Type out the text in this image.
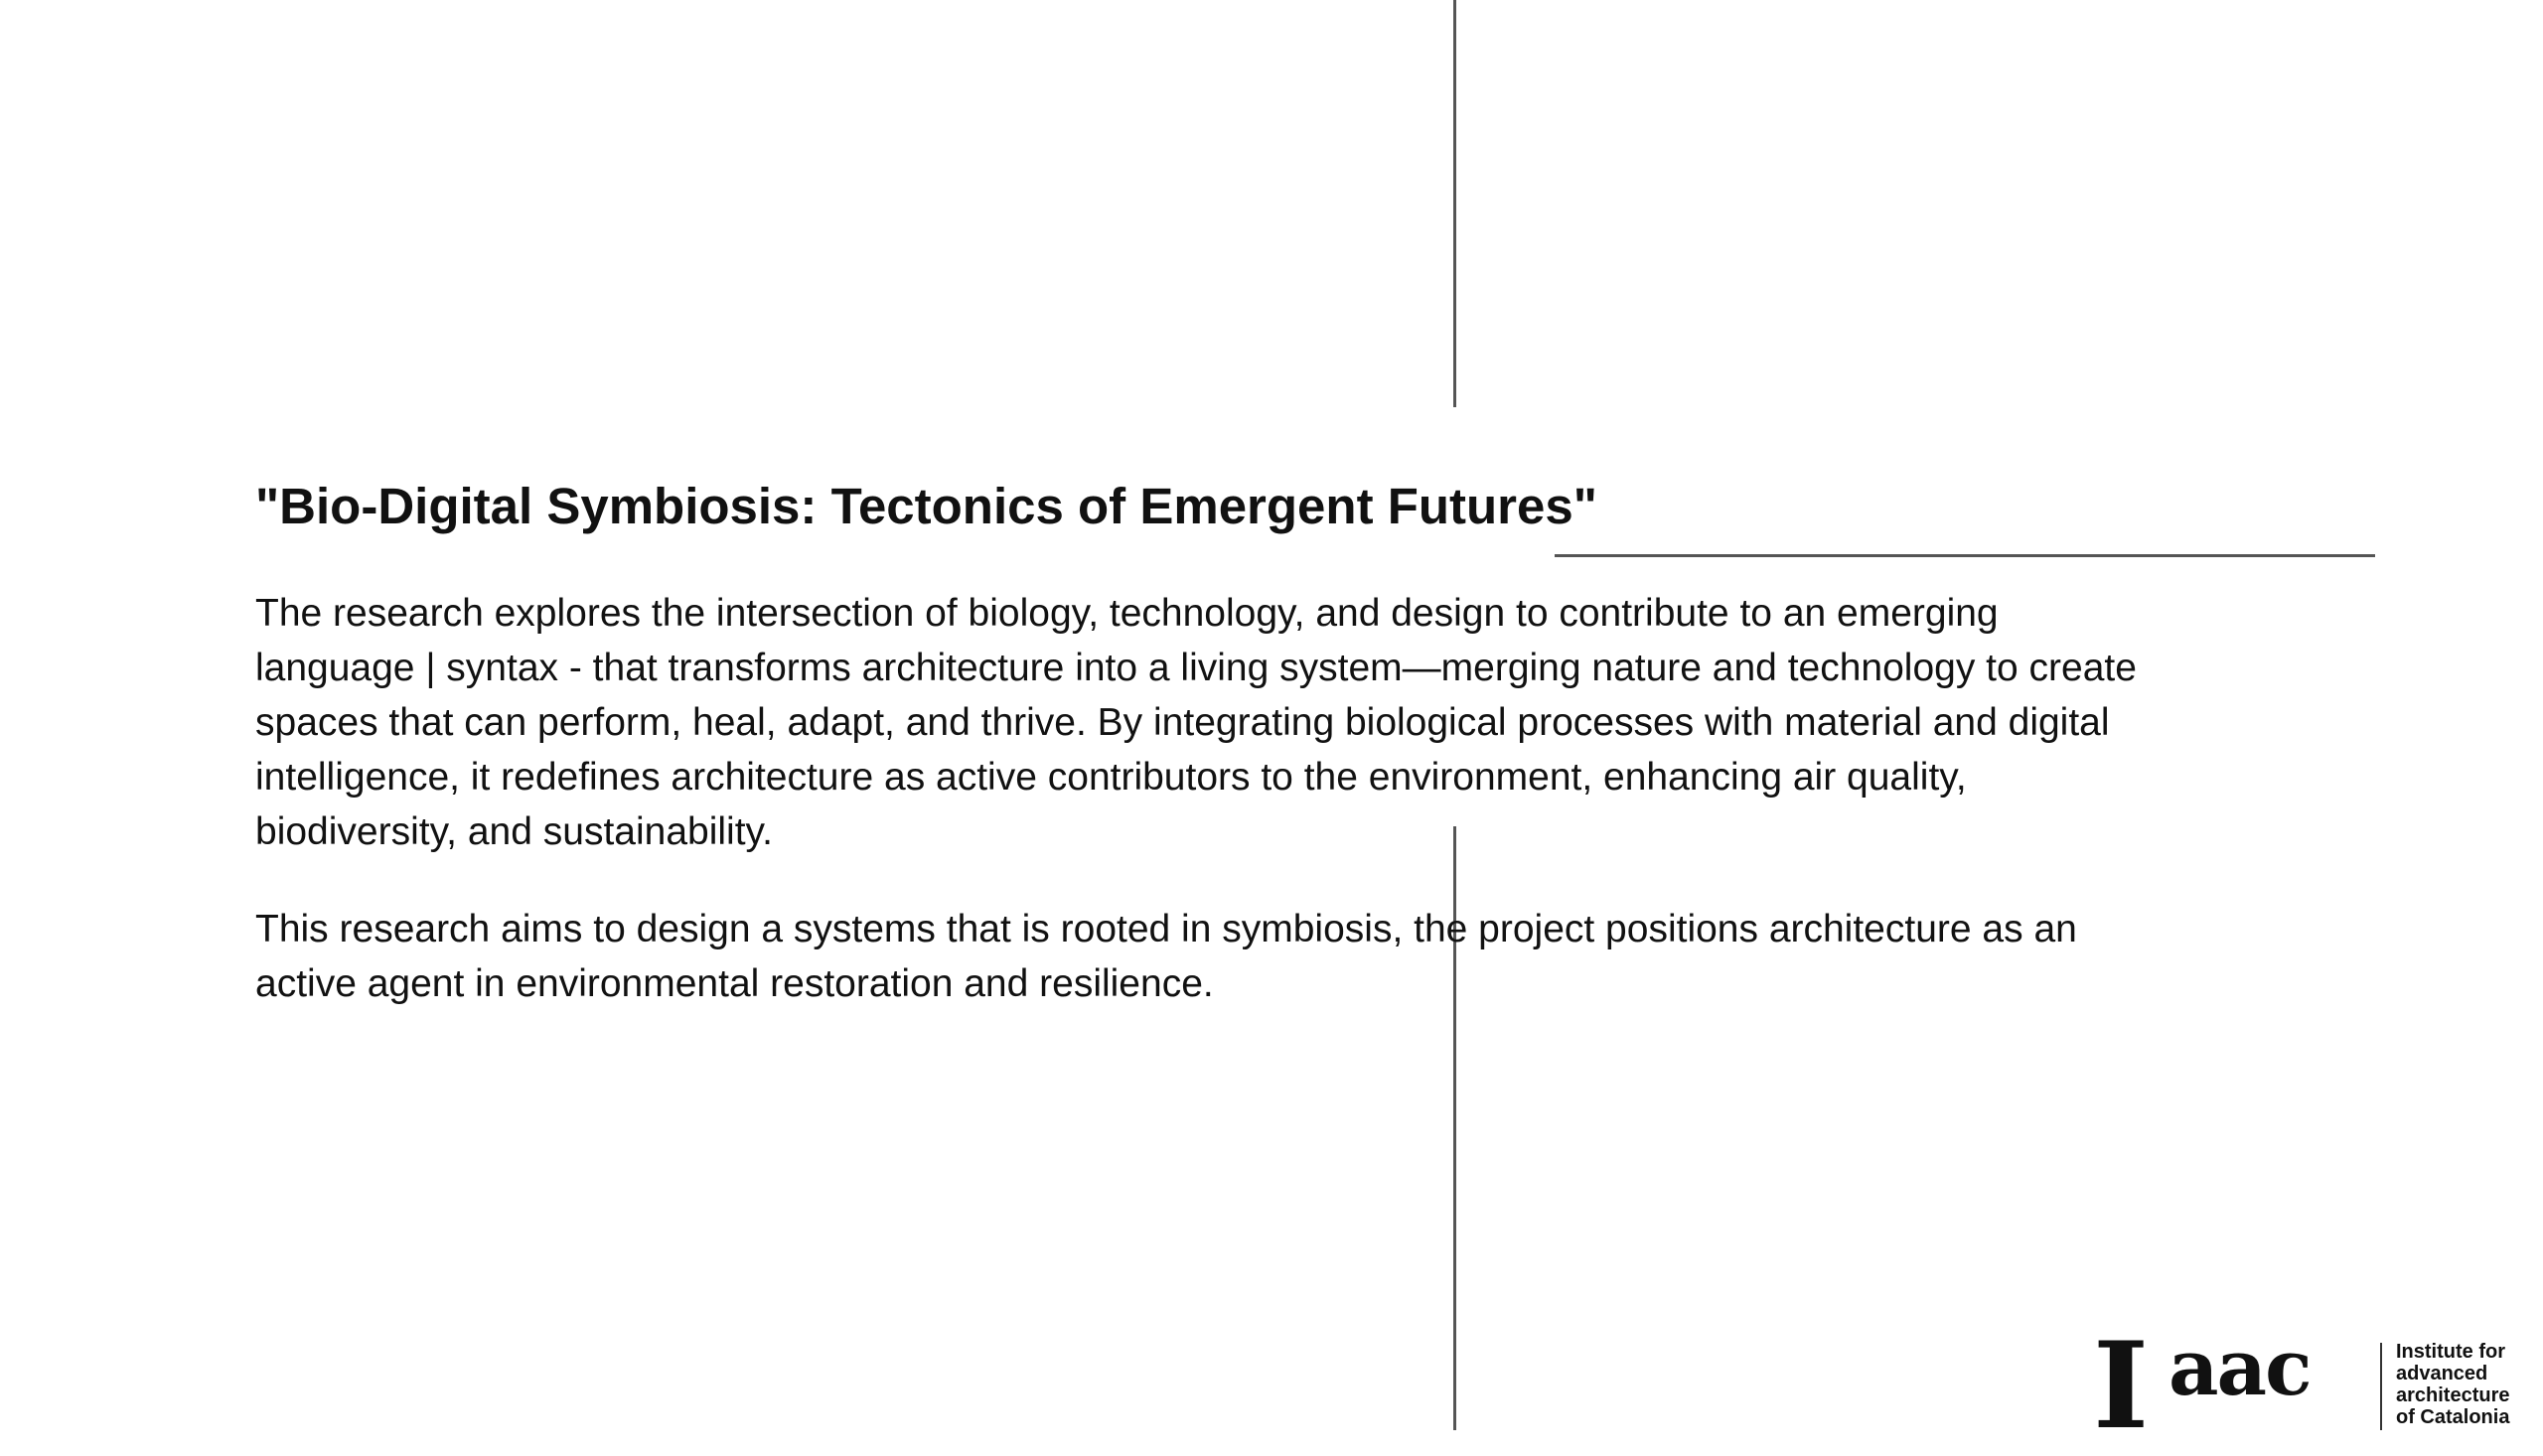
"Bio-Digital Symbiosis: Tectonics of Emergent Futures"

The research explores the intersection of biology, technology, and design to contribute to an emerging
language | syntax - that transforms architecture into a living system—merging nature and technology to create
spaces that can perform, heal, adapt, and thrive. By integrating biological processes with material and digital
intelligence, it redefines architecture as active contributors to the environment, enhancing air quality,
biodiversity, and sustainability.

This research aims to design a systems that is rooted in symbiosis, the project positions architecture as an
active agent in environmental restoration and resilience.

I aac	Institute for
advanced
architecture
of Catalonia
